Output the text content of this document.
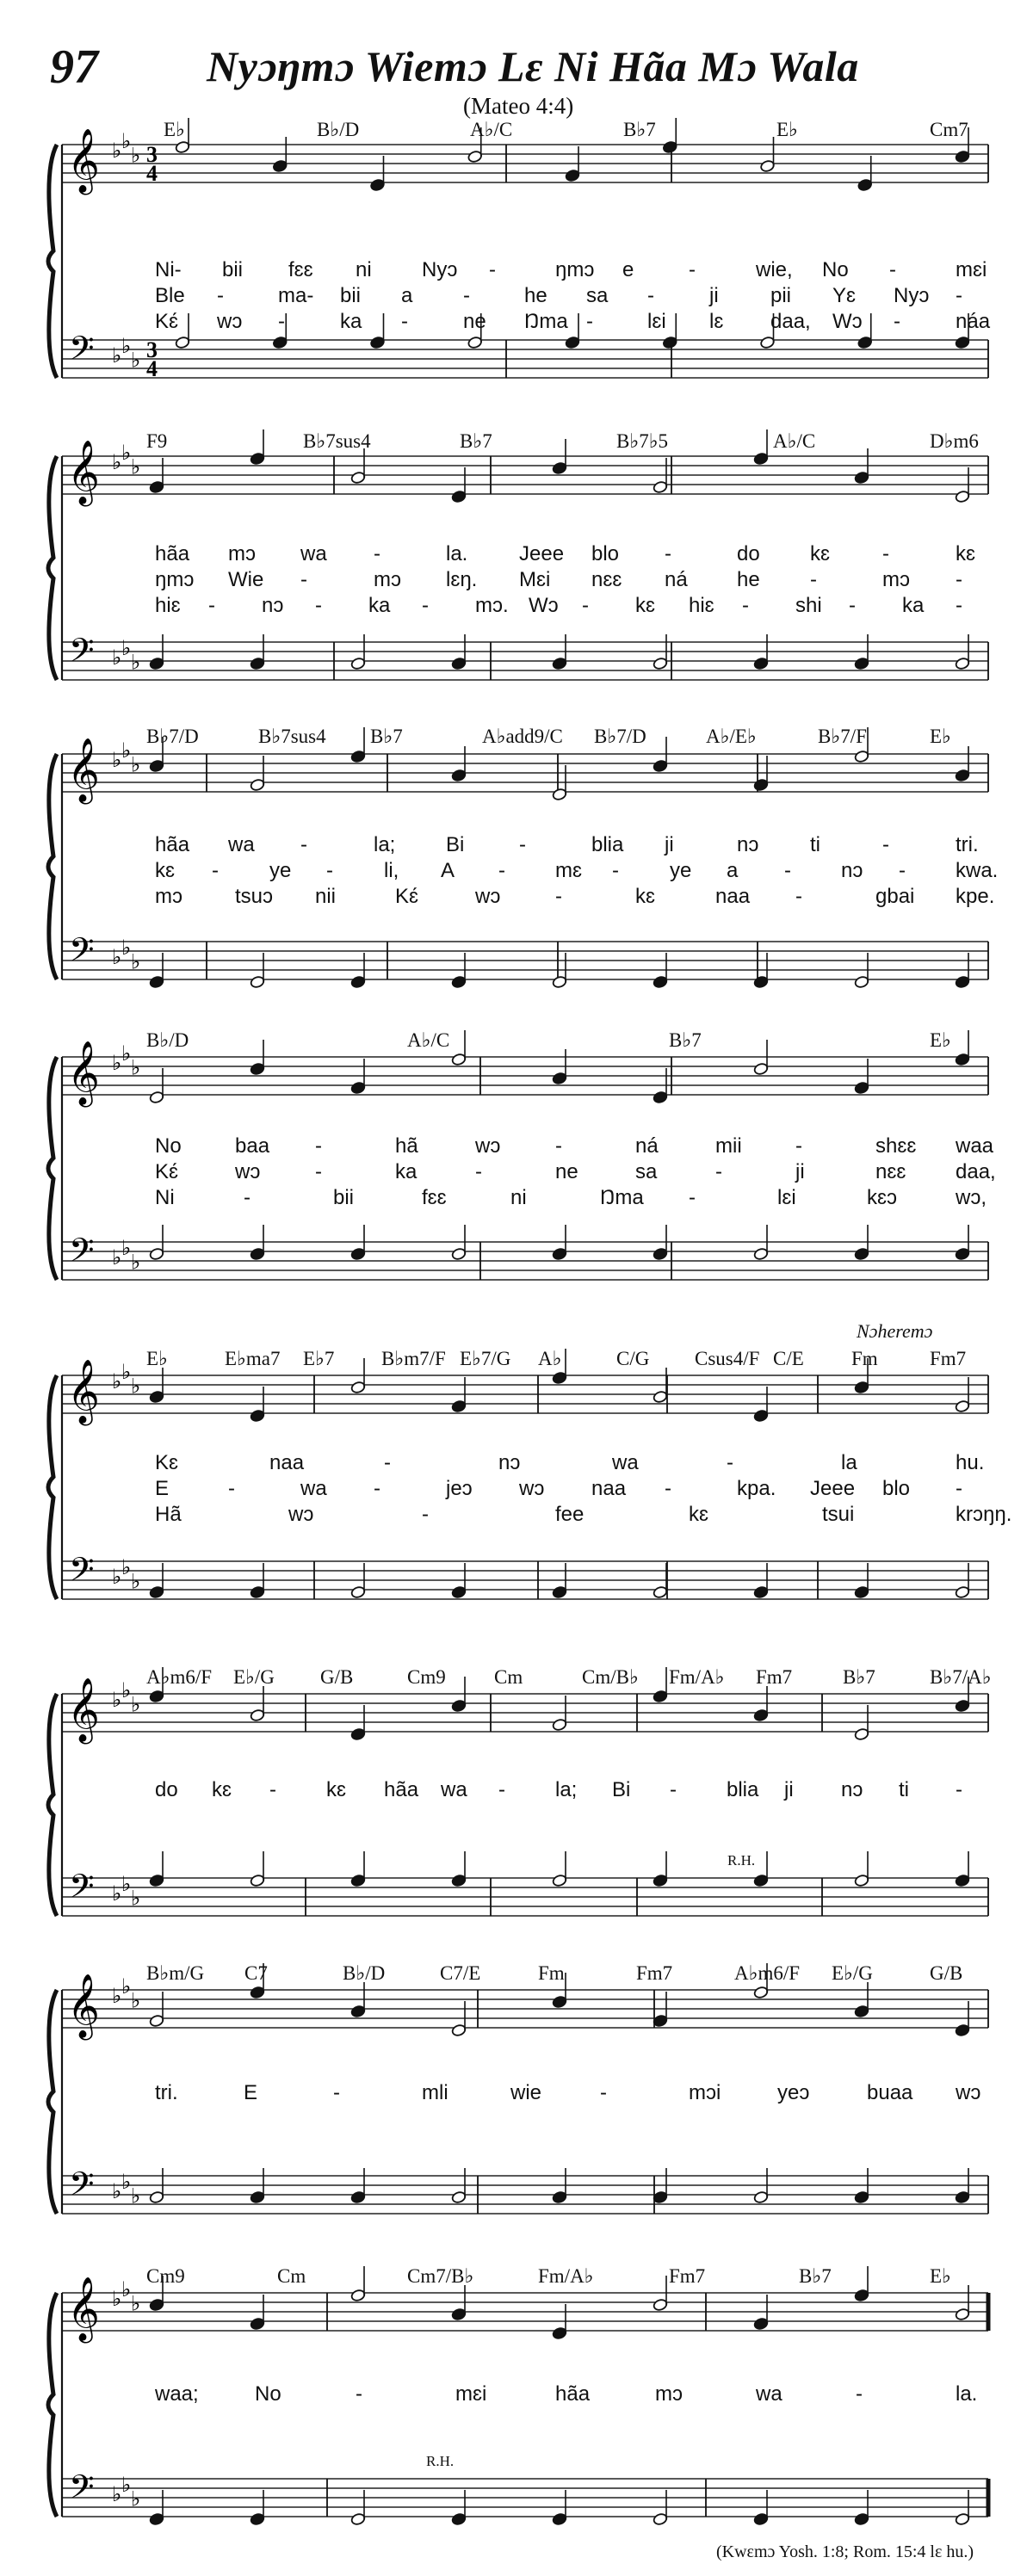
97	Nyɔŋmɔ Wiemɔ Lɛ Ni Hãa Mɔ Wala
(Mateo 4:4)
𝄞
𝄢
♭
♭
♭
♭
♭
♭
3
3
4
4
𝄞
𝄢
♭
♭
♭
♭
♭
♭
𝄞
𝄢
♭
♭
♭
♭
♭
♭
𝄞
𝄢
♭
♭
♭
♭
♭
♭
𝄞
𝄢
♭
♭
♭
♭
♭
♭
𝄞
𝄢
♭
♭
♭
♭
♭
♭
𝄞
𝄢
♭
♭
♭
♭
♭
♭
𝄞
𝄢
♭
♭
♭
♭
♭
♭
E♭	B♭/D	A♭/C	B♭7	E♭	Cm7
Ni- bii fɛɛ ni Nyɔ -	ŋmɔ e	-	wie, No -	mɛi
Ble -	ma- bii a -	he sa -	ji	pii Yɛ Nyɔ -
Kɛ́ wɔ -	ka -	ne Ŋma -	lɛi lɛ daa, Wɔ -	náa
F9	B♭7sus4	B♭7	B♭7♭5	A♭/C	D♭m6
hãa mɔ wa -	la. Jeee blo -	do kɛ	-	kɛ
ŋmɔ Wie -	mɔ lɛŋ. Mɛi nɛɛ ná he -	mɔ -
hiɛ - nɔ - ka - mɔ. Wɔ - kɛ hiɛ - shi - ka -
B♭7/D	B♭7sus4 B♭7	A♭add9/C B♭7/D	A♭/E♭	B♭7/F	E♭
hãa wa -	la; Bi	-	blia ji	nɔ ti	-	tri.
kɛ - ye - li, A - mɛ - ye a - nɔ - kwa.
mɔ	tsuɔ nii	Kɛ́	wɔ	-	kɛ	naa -	gbai kpe.
B♭/D	A♭/C	B♭7	E♭
No	baa -	hã	wɔ	-	ná	mii	-	shɛɛ waa
Kɛ́	wɔ	-	ka	-	ne	sa	-	ji	nɛɛ daa,
Ni	-	bii	fɛɛ	ni	Ŋma -	lɛi	kɛɔ	wɔ,
E♭	E♭ma7 E♭7 B♭m7/F E♭7/G A♭	C/G Csus4/F C/E Fm	Fm7
Kɛ	naa	-	nɔ	wa	-	la	hu.
E	-	wa -	jeɔ wɔ naa -	kpa. Jeee blo -
Hã	wɔ	-	fee	kɛ	tsui	krɔŋŋ.
Nɔheremɔ
A♭m6/F E♭/G G/B	Cm9 Cm	Cm/B♭ Fm/A♭ Fm7	B♭7	B♭7/A♭
do kɛ - kɛ hãa wa - la; Bi - blia ji nɔ ti -
R.H.
B♭m/G C7	B♭/D	C7/E	Fm	Fm7	A♭m6/F E♭/G	G/B
tri.	E	-	mli	wie	-	mɔi	yeɔ	buaa wɔ
Cm9	Cm	Cm7/B♭	Fm/A♭	Fm7	B♭7	E♭
waa;	No	-	mɛi	hãa	mɔ	wa	-	la.
R.H.
(Kwɛmɔ Yosh. 1:8; Rom. 15:4 lɛ hu.)
